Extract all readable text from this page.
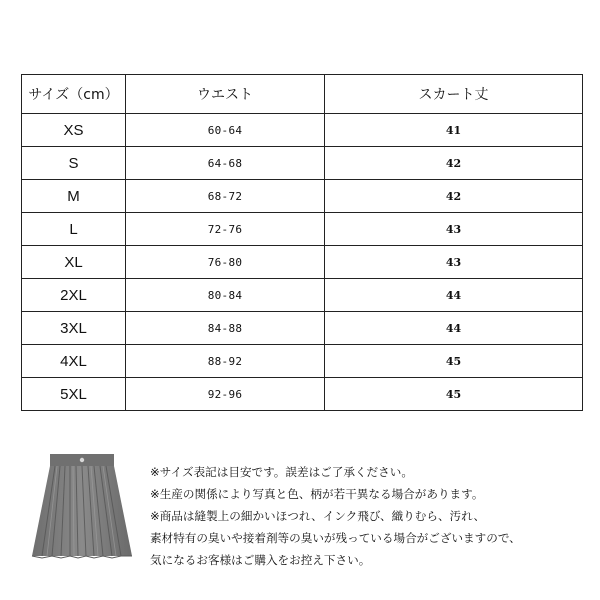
サイズ（cm）	ウエスト	スカート丈
XS	60-64	41
S	64-68	42
M	68-72	42
L	72-76	43
XL	76-80	43
2XL	80-84	44
3XL	84-88	44
4XL	88-92	45
5XL	92-96	45
※サイズ表記は目安です。誤差はご了承ください。
※生産の関係により写真と色、柄が若干異なる場合があります。
※商品は縫製上の細かいほつれ、インク飛び、織りむら、汚れ、
素材特有の臭いや接着剤等の臭いが残っている場合がございますので、
気になるお客様はご購入をお控え下さい。
